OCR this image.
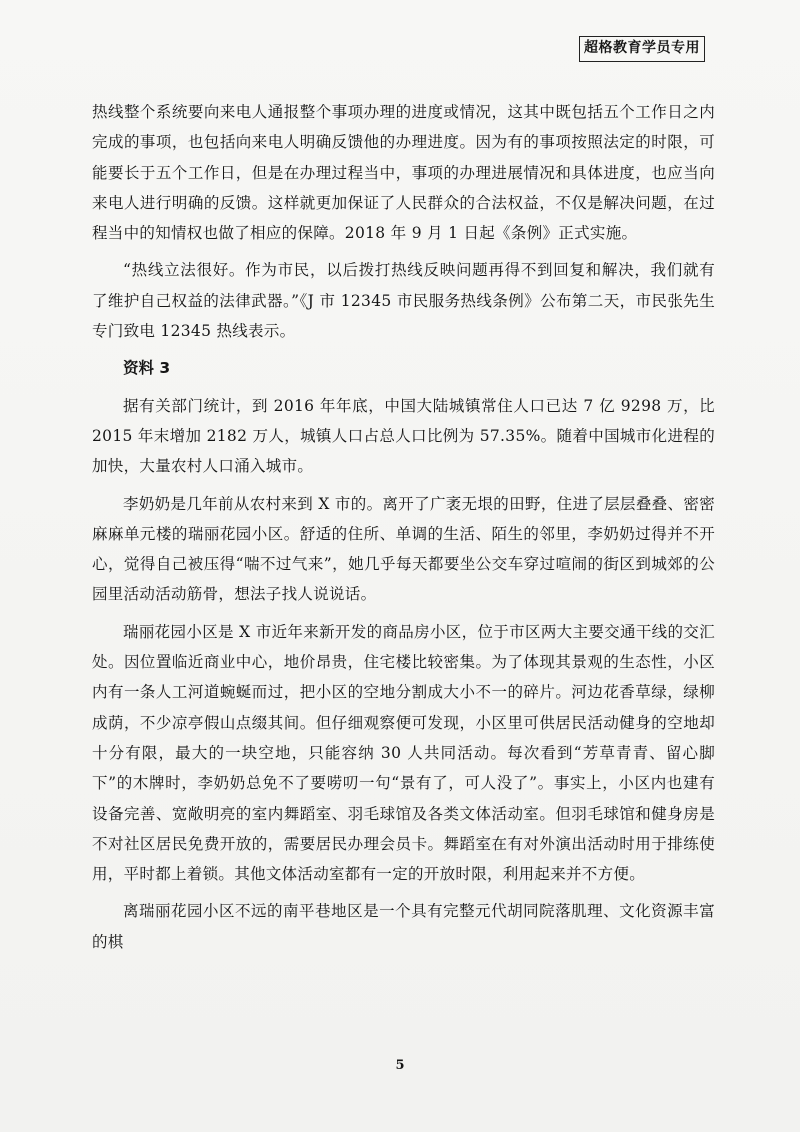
超格教育学员专用

热线整个系统要向来电人通报整个事项办理的进度或情况，这其中既包括五个工作日之内完成的事项，也包括向来电人明确反馈他的办理进度。因为有的事项按照法定的时限，可能要长于五个工作日，但是在办理过程当中，事项的办理进展情况和具体进度，也应当向来电人进行明确的反馈。这样就更加保证了人民群众的合法权益，不仅是解决问题，在过程当中的知情权也做了相应的保障。2018 年 9 月 1 日起《条例》正式实施。

“热线立法很好。作为市民，以后拨打热线反映问题再得不到回复和解决，我们就有了维护自己权益的法律武器。”《J 市 12345 市民服务热线条例》公布第二天，市民张先生专门致电 12345 热线表示。

资料 3

据有关部门统计，到 2016 年年底，中国大陆城镇常住人口已达 7 亿 9298 万，比 2015 年末增加 2182 万人，城镇人口占总人口比例为 57.35%。随着中国城市化进程的加快，大量农村人口涌入城市。

李奶奶是几年前从农村来到 X 市的。离开了广袤无垠的田野，住进了层层叠叠、密密麻麻单元楼的瑞丽花园小区。舒适的住所、单调的生活、陌生的邻里，李奶奶过得并不开心，觉得自己被压得“喘不过气来”，她几乎每天都要坐公交车穿过喧闹的街区到城郊的公园里活动活动筋骨，想法子找人说说话。

瑞丽花园小区是 X 市近年来新开发的商品房小区，位于市区两大主要交通干线的交汇处。因位置临近商业中心，地价昂贵，住宅楼比较密集。为了体现其景观的生态性，小区内有一条人工河道蜿蜒而过，把小区的空地分割成大小不一的碎片。河边花香草绿，绿柳成荫，不少凉亭假山点缀其间。但仔细观察便可发现，小区里可供居民活动健身的空地却十分有限，最大的一块空地，只能容纳 30 人共同活动。每次看到“芳草青青、留心脚下”的木牌时，李奶奶总免不了要唠叨一句“景有了，可人没了”。事实上，小区内也建有设备完善、宽敞明亮的室内舞蹈室、羽毛球馆及各类文体活动室。但羽毛球馆和健身房是不对社区居民免费开放的，需要居民办理会员卡。舞蹈室在有对外演出活动时用于排练使用，平时都上着锁。其他文体活动室都有一定的开放时限，利用起来并不方便。

离瑞丽花园小区不远的南平巷地区是一个具有完整元代胡同院落肌理、文化资源丰富的棋

5
